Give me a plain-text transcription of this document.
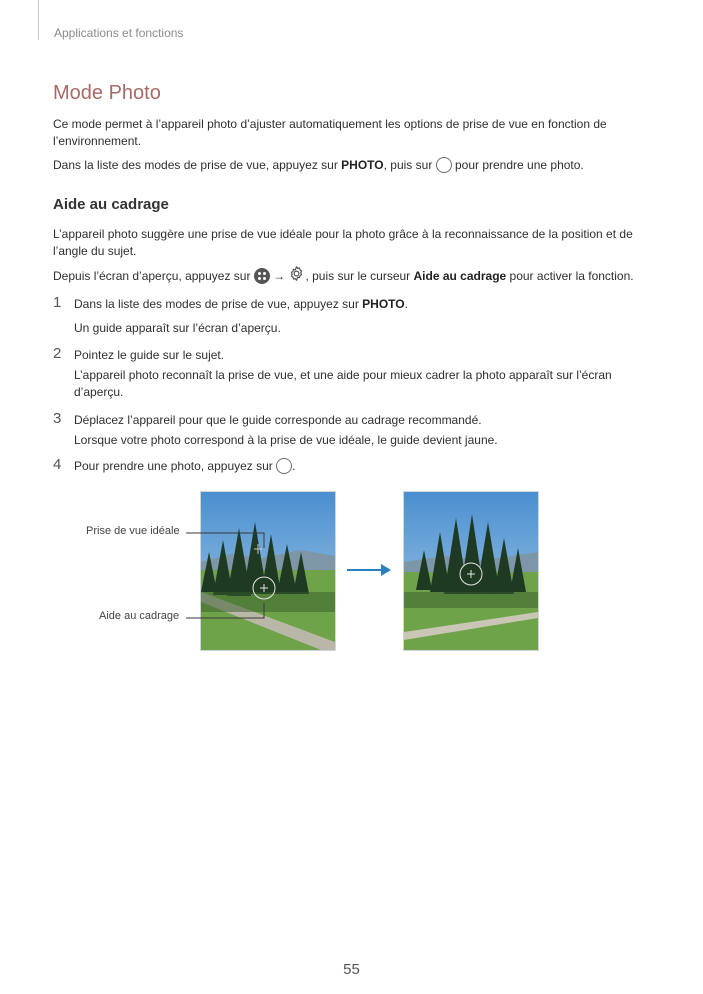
Applications et fonctions
Mode Photo

Ce mode permet à l’appareil photo d’ajuster automatiquement les options de prise de vue en fonction de l’environnement.

Dans la liste des modes de prise de vue, appuyez sur PHOTO, puis sur  pour prendre une photo.

Aide au cadrage

L’appareil photo suggère une prise de vue idéale pour la photo grâce à la reconnaissance de la position et de l’angle du sujet.

Depuis l’écran d’aperçu, appuyez sur
→ , puis sur le curseur Aide au cadrage pour activer la fonction.

1 Dans la liste des modes de prise de vue, appuyez sur PHOTO.

Un guide apparaît sur l’écran d’aperçu.

2 Pointez le guide sur le sujet.

L’appareil photo reconnaît la prise de vue, et une aide pour mieux cadrer la photo apparaît sur l’écran d’aperçu.

3 Déplacez l’appareil pour que le guide corresponde au cadrage recommandé.

Lorsque votre photo correspond à la prise de vue idéale, le guide devient jaune.

4 Pour prendre une photo, appuyez sur .

Prise de vue idéale
Aide au cadrage
55
